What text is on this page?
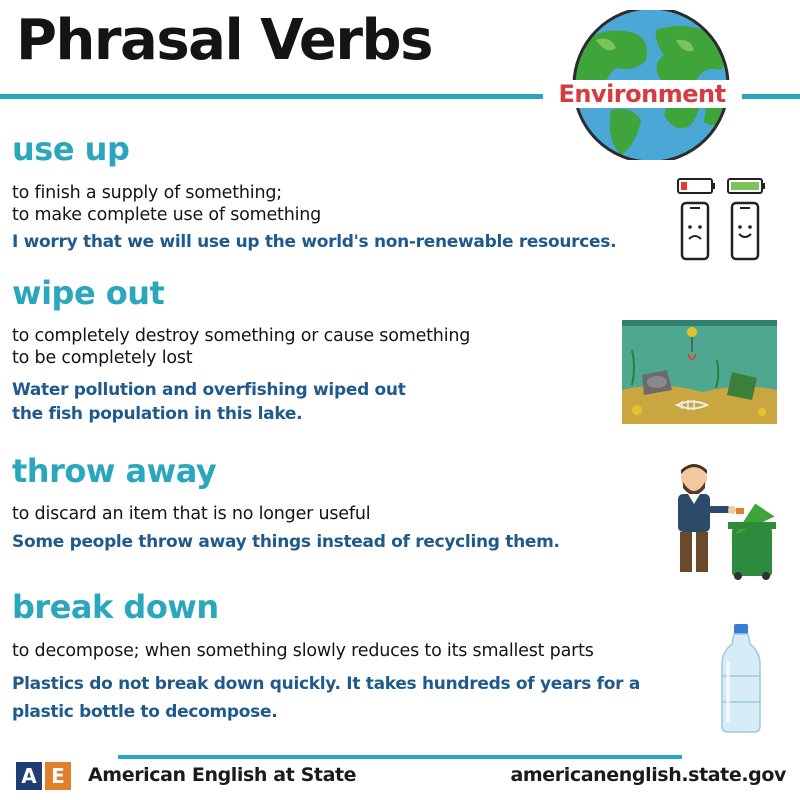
Phrasal Verbs
Environment
use up
to finish a supply of something;
to make complete use of something
I worry that we will use up the world's non-renewable resources.
wipe out
to completely destroy something or cause something
to be completely lost
Water pollution and overfishing wiped out
the fish population in this lake.
throw away
to discard an item that is no longer useful
Some people throw away things instead of recycling them.
break down
to decompose; when something slowly reduces to its smallest parts
Plastics do not break down quickly. It takes hundreds of years for a
plastic bottle to decompose.
A E	American English at State	americanenglish.state.gov
